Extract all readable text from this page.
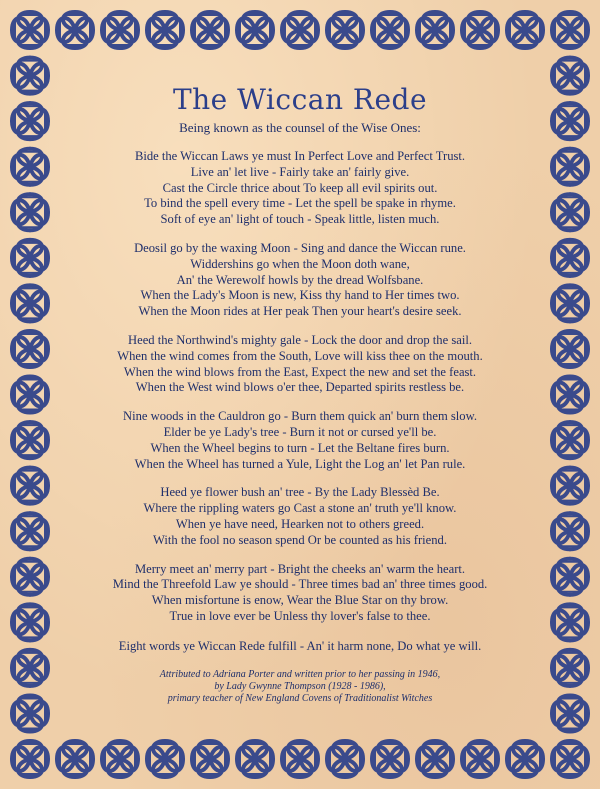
The Wiccan Rede
Being known as the counsel of the Wise Ones:
Bide the Wiccan Laws ye must In Perfect Love and Perfect Trust.
Live an' let live - Fairly take an' fairly give.
Cast the Circle thrice about To keep all evil spirits out.
To bind the spell every time - Let the spell be spake in rhyme.
Soft of eye an' light of touch - Speak little, listen much.
Deosil go by the waxing Moon - Sing and dance the Wiccan rune.
Widdershins go when the Moon doth wane,
An' the Werewolf howls by the dread Wolfsbane.
When the Lady's Moon is new, Kiss thy hand to Her times two.
When the Moon rides at Her peak Then your heart's desire seek.
Heed the Northwind's mighty gale - Lock the door and drop the sail.
When the wind comes from the South, Love will kiss thee on the mouth.
When the wind blows from the East, Expect the new and set the feast.
When the West wind blows o'er thee, Departed spirits restless be.
Nine woods in the Cauldron go - Burn them quick an' burn them slow.
Elder be ye Lady's tree - Burn it not or cursed ye'll be.
When the Wheel begins to turn - Let the Beltane fires burn.
When the Wheel has turned a Yule, Light the Log an' let Pan rule.
Heed ye flower bush an' tree - By the Lady Blessèd Be.
Where the rippling waters go Cast a stone an' truth ye'll know.
When ye have need, Hearken not to others greed.
With the fool no season spend Or be counted as his friend.
Merry meet an' merry part - Bright the cheeks an' warm the heart.
Mind the Threefold Law ye should - Three times bad an' three times good.
When misfortune is enow, Wear the Blue Star on thy brow.
True in love ever be Unless thy lover's false to thee.
Eight words ye Wiccan Rede fulfill - An' it harm none, Do what ye will.
Attributed to Adriana Porter and written prior to her passing in 1946,
by Lady Gwynne Thompson (1928 - 1986),
primary teacher of New England Covens of Traditionalist Witches
